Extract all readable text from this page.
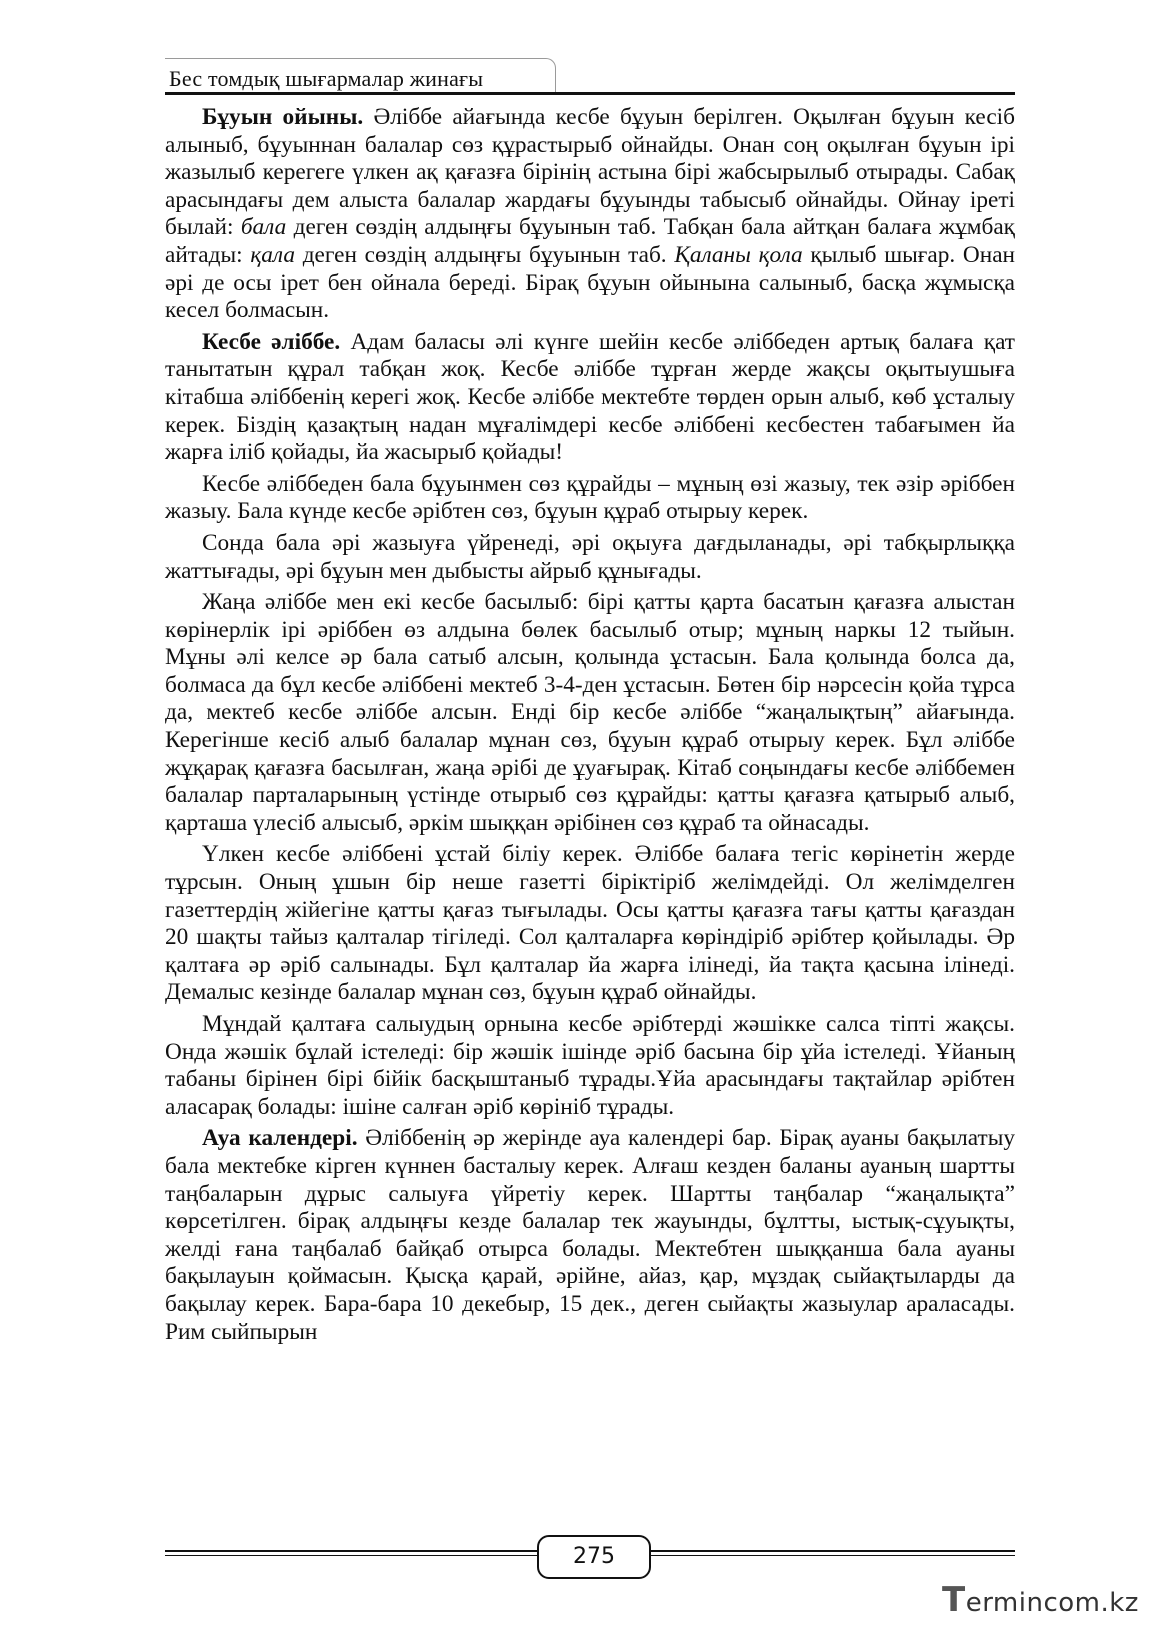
Бес томдық шығармалар жинағы

Бұуын ойыны. Әліббе айағында кесбе бұуын берілген. Оқылған бұуын кесіб алыныб, бұуыннан балалар сөз құрастырыб ойнайды. Онан соң оқылған бұуын ірі жазылыб керегеге үлкен ақ қағазға бірінің астына бірі жабсырылыб отырады. Сабақ арасындағы дем алыста балалар жардағы бұуынды табысыб ойнайды. Ойнау іреті былай: бала деген сөздің алдыңғы бұуынын таб. Табқан бала айтқан балаға жұмбақ айтады: қала деген сөздің алдыңғы бұуынын таб. Қаланы қола қылыб шығар. Онан әрі де осы ірет бен ойнала береді. Бірақ бұуын ойынына салыныб, басқа жұмысқа кесел болмасын.

Кесбе әліббе. Адам баласы әлі күнге шейін кесбе әліббеден артық балаға қат танытатын құрал табқан жоқ. Кесбе әліббе тұрған жерде жақсы оқытыушыға кітабша әліббенің керегі жоқ. Кесбе әліббе мектебте төрден орын алыб, көб ұсталыу керек. Біздің қазақтың надан мұғалімдері кесбе әліббені кесбестен табағымен йа жарға іліб қойады, йа жасырыб қойады!

Кесбе әліббеден бала бұуынмен сөз құрайды – мұның өзі жазыу, тек әзір әріббен жазыу. Бала күнде кесбе әрібтен сөз, бұуын құраб отырыу керек.

Сонда бала әрі жазыуға үйренеді, әрі оқыуға дағдыланады, әрі табқырлыққа жаттығады, әрі бұуын мен дыбысты айрыб құнығады.

Жаңа әліббе мен екі кесбе басылыб: бірі қатты қарта басатын қағазға алыстан көрінерлік ірі әріббен өз алдына бөлек басылыб отыр; мұның наркы 12 тыйын. Мұны әлі келсе әр бала сатыб алсын, қолында ұстасын. Бала қолында болса да, болмаса да бұл кесбе әліббені мектеб 3-4-ден ұстасын. Бөтен бір нәрсесін қойа тұрса да, мектеб кесбе әліббе алсын. Енді бір кесбе әліббе “жаңалықтың” айағында. Керегінше кесіб алыб балалар мұнан сөз, бұуын құраб отырыу керек. Бұл әліббе жұқарақ қағазға басылған, жаңа әрібі де ұуағырақ. Кітаб соңындағы кесбе әліббемен балалар парталарының үстінде отырыб сөз құрайды: қатты қағазға қатырыб алыб, қарташа үлесіб алысыб, әркім шыққан әрібінен сөз құраб та ойнасады.

Үлкен кесбе әліббені ұстай біліу керек. Әліббе балаға тегіс көрінетін жерде тұрсын. Оның ұшын бір неше газетті біріктіріб желімдейді. Ол желімделген газеттердің жійегіне қатты қағаз тығылады. Осы қатты қағазға тағы қатты қағаздан 20 шақты тайыз қалталар тігіледі. Сол қалталарға көріндіріб әрібтер қойылады. Әр қалтаға әр әріб салынады. Бұл қалталар йа жарға ілінеді, йа тақта қасына ілінеді. Демалыс кезінде балалар мұнан сөз, бұуын құраб ойнайды.

Мұндай қалтаға салыудың орнына кесбе әрібтерді жәшікке салса тіпті жақсы. Онда жәшік бұлай істеледі: бір жәшік ішінде әріб басына бір ұйа істеледі. Ұйаның табаны бірінен бірі бійік басқыштаныб тұрады.Ұйа арасындағы тақтайлар әрібтен аласарақ болады: ішіне салған әріб көрініб тұрады.

Ауа календері. Әліббенің әр жерінде ауа календері бар. Бірақ ауаны бақылатыу бала мектебке кірген күннен басталыу керек. Алғаш кезден баланы ауаның шартты таңбаларын дұрыс салыуға үйретіу керек. Шартты таңбалар “жаңалықта” көрсетілген. бірақ алдыңғы кезде балалар тек жауынды, бұлтты, ыстық-сұуықты, желді ғана таңбалаб байқаб отырса болады. Мектебтен шыққанша бала ауаны бақылауын қоймасын. Қысқа қарай, әрійне, айаз, қар, мұздақ сыйақтыларды да бақылау керек. Бара-бара 10 декебыр, 15 дек., деген сыйақты жазыулар араласады. Рим сыйпырын

275
Termincom.kz
